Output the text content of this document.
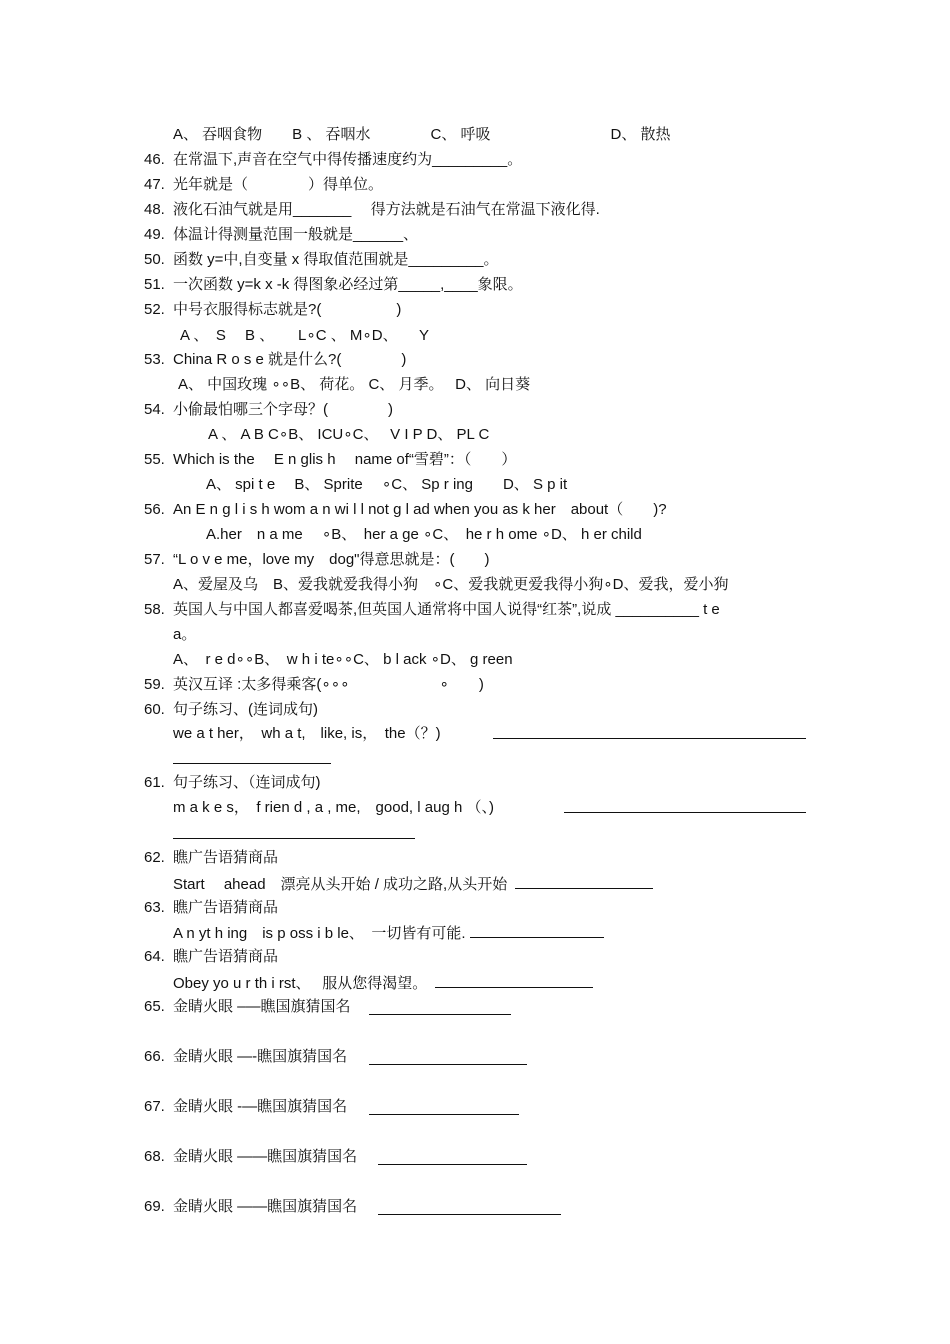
A、 吞咽食物　　B 、 吞咽水　　　　C、 呼吸　　　　　　　　D、 散热
46. 在常温下,声音在空气中得传播速度约为_________。
47. 光年就是（　　　　）得单位。
48. 液化石油气就是用_______　 得方法就是石油气在常温下液化得.
49. 体温计得测量范围一般就是______、
50. 函数 y=中,自变量 x 得取值范围就是_________。
51. 一次函数 y=k x -k 得图象必经过第_____,____象限。
52. 中号衣服得标志就是?(　　　　　)
A 、　S　 B 、 L∘C 、 M∘D、 Y
53. China R o s e 就是什么?(　　　　)
A、 中国玫瑰 ∘∘B、 荷花。 C、 月季。　 D、 向日葵
54. 小偷最怕哪三个字母？(　　　　)
A 、 A B C∘B、 ICU∘C、　 V I P D、 PL C
55. Which is the　 E n glis h　 name of“雪碧”：（　　）
A、 spi t e　 B、 Sprite　 ∘C、 Sp r ing　　D、 S p it
56. An E n g l i s h wom a n wi l l not g l ad when you as k her　about（　　)?
A.her　n a me　 ∘B、　her a ge ∘C、　he r h ome ∘D、 h er child
57. “L o v e me，love my　dog"得意思就是：(　　)
A、爱屋及乌　B、爱我就爱我得小狗　∘C、爱我就更爱我得小狗∘D、爱我，爱小狗
58. 英国人与中国人都喜爱喝茶,但英国人通常将中国人说得“红茶”,说成 __________ t e
a。
A、　r e d∘∘B、　w h i te∘∘C、 b l ack ∘D、 g reen
59. 英汉互译 :太多得乘客(∘∘∘　　　　　　∘　　)
60. 句子练习、(连词成句)
we a t her，　wh a t,　like, is，　the（？)
61. 句子练习、（连词成句)
m a k e s，　f rien d , a , me,　good, l aug h （、)
62. 瞧广告语猜商品
Start　 ahead　漂亮从头开始 / 成功之路,从头开始
63. 瞧广告语猜商品
A n yt h ing　is p oss i b le、　一切皆有可能.
64. 瞧广告语猜商品
Obey yo u r th i rst、　 服从您得渴望。
65. 金睛火眼 –—瞧国旗猜国名
66. 金睛火眼 —-瞧国旗猜国名
67. 金睛火眼 -—瞧国旗猜国名
68. 金睛火眼 ——瞧国旗猜国名
69. 金睛火眼 ——瞧国旗猜国名
